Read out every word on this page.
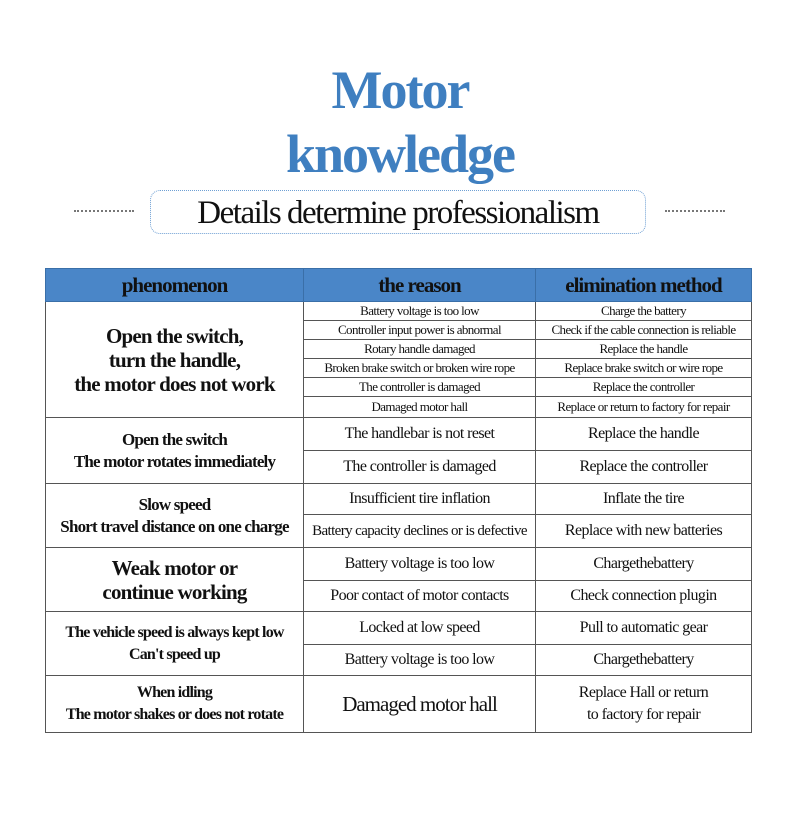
Motor
knowledge
Details determine professionalism
phenomenon	the reason	elimination method

Open the switch,
turn the handle,
the motor does not work	Battery voltage is too low	Charge the battery
	Controller input power is abnormal	Check if the cable connection is reliable
	Rotary handle damaged	Replace the handle
	Broken brake switch or broken wire rope	Replace brake switch or wire rope
	The controller is damaged	Replace the controller
	Damaged motor hall	Replace or return to factory for repair

Open the switch
The motor rotates immediately	The handlebar is not reset	Replace the handle
	The controller is damaged	Replace the controller

Slow speed
Short travel distance on one charge	Insufficient tire inflation	Inflate the tire
	Battery capacity declines or is defective	Replace with new batteries

Weak motor or
continue working	Battery voltage is too low	Chargethebattery
	Poor contact of motor contacts	Check connection plugin

The vehicle speed is always kept low
Can't speed up	Locked at low speed	Pull to automatic gear
	Battery voltage is too low	Chargethebattery

When idling
The motor shakes or does not rotate	Damaged motor hall	Replace Hall or return
to factory for repair
